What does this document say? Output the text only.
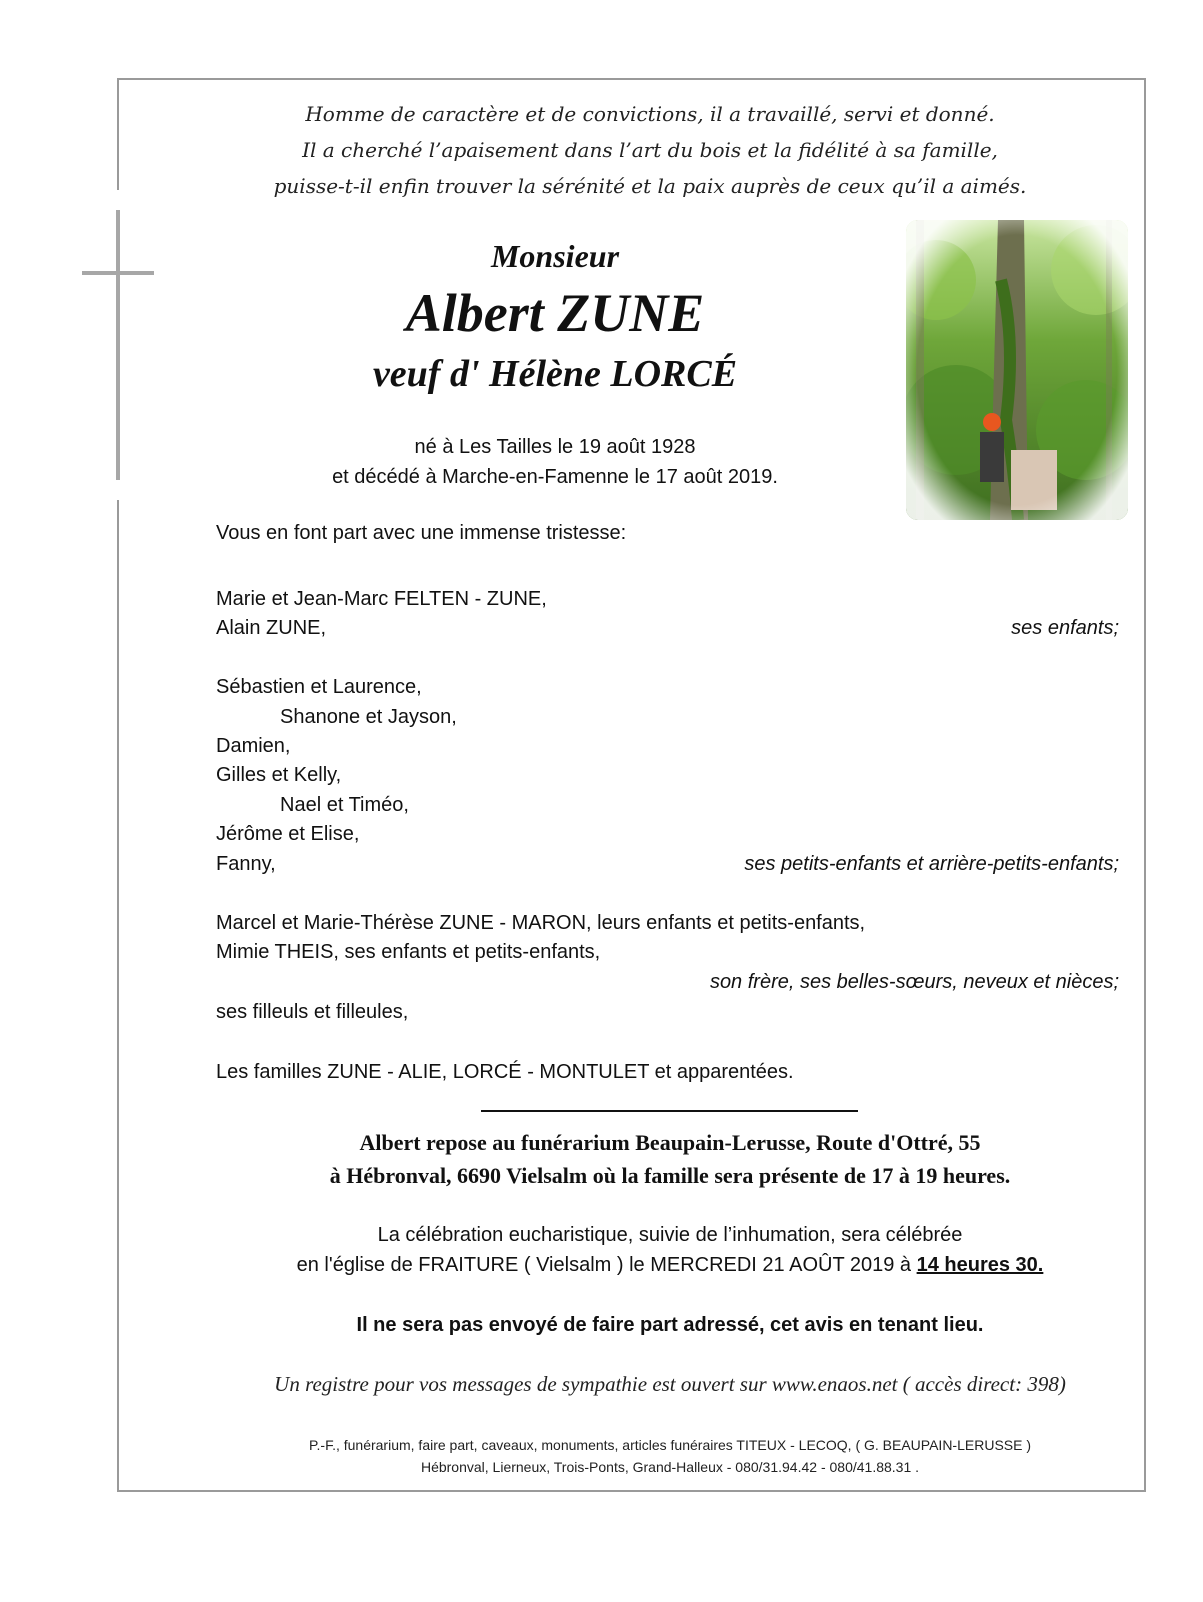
Homme de caractère et de convictions, il a travaillé, servi et donné.
Il a cherché l’apaisement dans l’art du bois et la fidélité à sa famille,
puisse-t-il enfin trouver la sérénité et la paix auprès de ceux qu’il a aimés.
Monsieur
Albert ZUNE
veuf d' Hélène LORCÉ
né à Les Tailles le 19 août 1928
et décédé à Marche-en-Famenne le 17 août 2019.
Vous en font part avec une immense tristesse:
Marie et Jean-Marc FELTEN - ZUNE,
Alain ZUNE,	ses enfants;
Sébastien et Laurence,
Shanone et Jayson,
Damien,
Gilles et Kelly,
Nael et Timéo,
Jérôme et Elise,
Fanny,	ses petits-enfants et arrière-petits-enfants;
Marcel et Marie-Thérèse ZUNE - MARON, leurs enfants et petits-enfants,
Mimie THEIS, ses enfants et petits-enfants,
son frère, ses belles-sœurs, neveux et nièces;
ses filleuls et filleules,
Les familles ZUNE - ALIE, LORCÉ - MONTULET et apparentées.
Albert repose au funérarium Beaupain-Lerusse, Route d'Ottré, 55
à Hébronval, 6690 Vielsalm où la famille sera présente de 17 à 19 heures.
La célébration eucharistique, suivie de l’inhumation, sera célébrée
en l'église de FRAITURE ( Vielsalm ) le MERCREDI 21 AOÛT 2019 à 14 heures 30.
Il ne sera pas envoyé de faire part adressé, cet avis en tenant lieu.
Un registre pour vos messages de sympathie est ouvert sur www.enaos.net ( accès direct: 398)
P.-F., funérarium, faire part, caveaux, monuments, articles funéraires TITEUX - LECOQ, ( G. BEAUPAIN-LERUSSE )
Hébronval, Lierneux, Trois-Ponts, Grand-Halleux - 080/31.94.42 - 080/41.88.31 .
